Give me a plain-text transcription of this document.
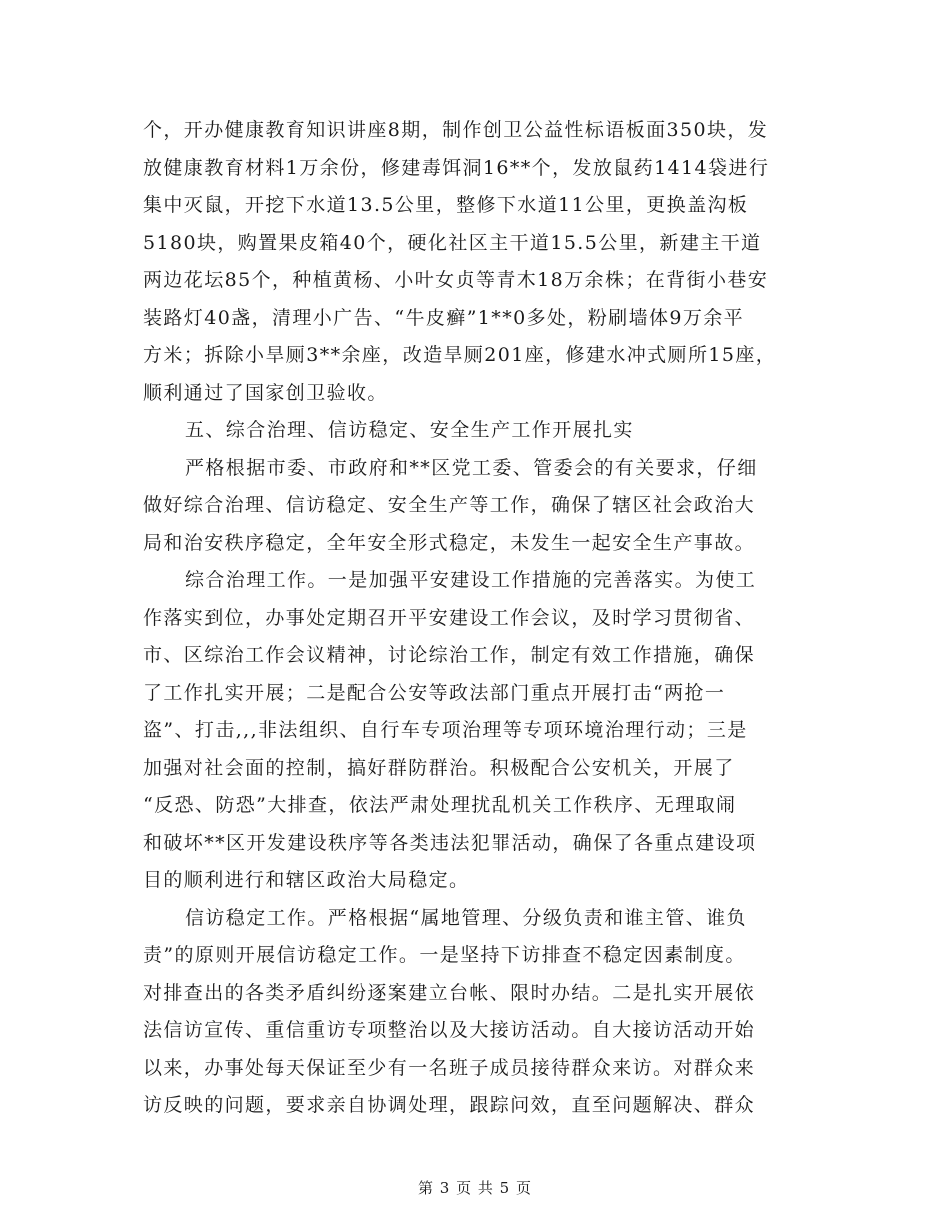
个，开办健康教育知识讲座8期，制作创卫公益性标语板面350块，发
放健康教育材料1万余份，修建毒饵洞16**个，发放鼠药1414袋进行
集中灭鼠，开挖下水道13.5公里，整修下水道11公里，更换盖沟板
5180块，购置果皮箱40个，硬化社区主干道15.5公里，新建主干道
两边花坛85个，种植黄杨、小叶女贞等青木18万余株；在背街小巷安
装路灯40盏，清理小广告、“牛皮癣”1**0多处，粉刷墙体9万余平
方米；拆除小旱厕3**余座，改造旱厕201座，修建水冲式厕所15座，
顺利通过了国家创卫验收。
五、综合治理、信访稳定、安全生产工作开展扎实
严格根据市委、市政府和**区党工委、管委会的有关要求，仔细
做好综合治理、信访稳定、安全生产等工作，确保了辖区社会政治大
局和治安秩序稳定，全年安全形式稳定，未发生一起安全生产事故。
综合治理工作。一是加强平安建设工作措施的完善落实。为使工
作落实到位，办事处定期召开平安建设工作会议，及时学习贯彻省、
市、区综治工作会议精神，讨论综治工作，制定有效工作措施，确保
了工作扎实开展；二是配合公安等政法部门重点开展打击“两抢一
盗”、打击,,,非法组织、自行车专项治理等专项环境治理行动；三是
加强对社会面的控制，搞好群防群治。积极配合公安机关，开展了
“反恐、防恐”大排查，依法严肃处理扰乱机关工作秩序、无理取闹
和破坏**区开发建设秩序等各类违法犯罪活动，确保了各重点建设项
目的顺利进行和辖区政治大局稳定。
信访稳定工作。严格根据“属地管理、分级负责和谁主管、谁负
责”的原则开展信访稳定工作。一是坚持下访排查不稳定因素制度。
对排查出的各类矛盾纠纷逐案建立台帐、限时办结。二是扎实开展依
法信访宣传、重信重访专项整治以及大接访活动。自大接访活动开始
以来，办事处每天保证至少有一名班子成员接待群众来访。对群众来
访反映的问题，要求亲自协调处理，跟踪问效，直至问题解决、群众
第 3 页 共 5 页
